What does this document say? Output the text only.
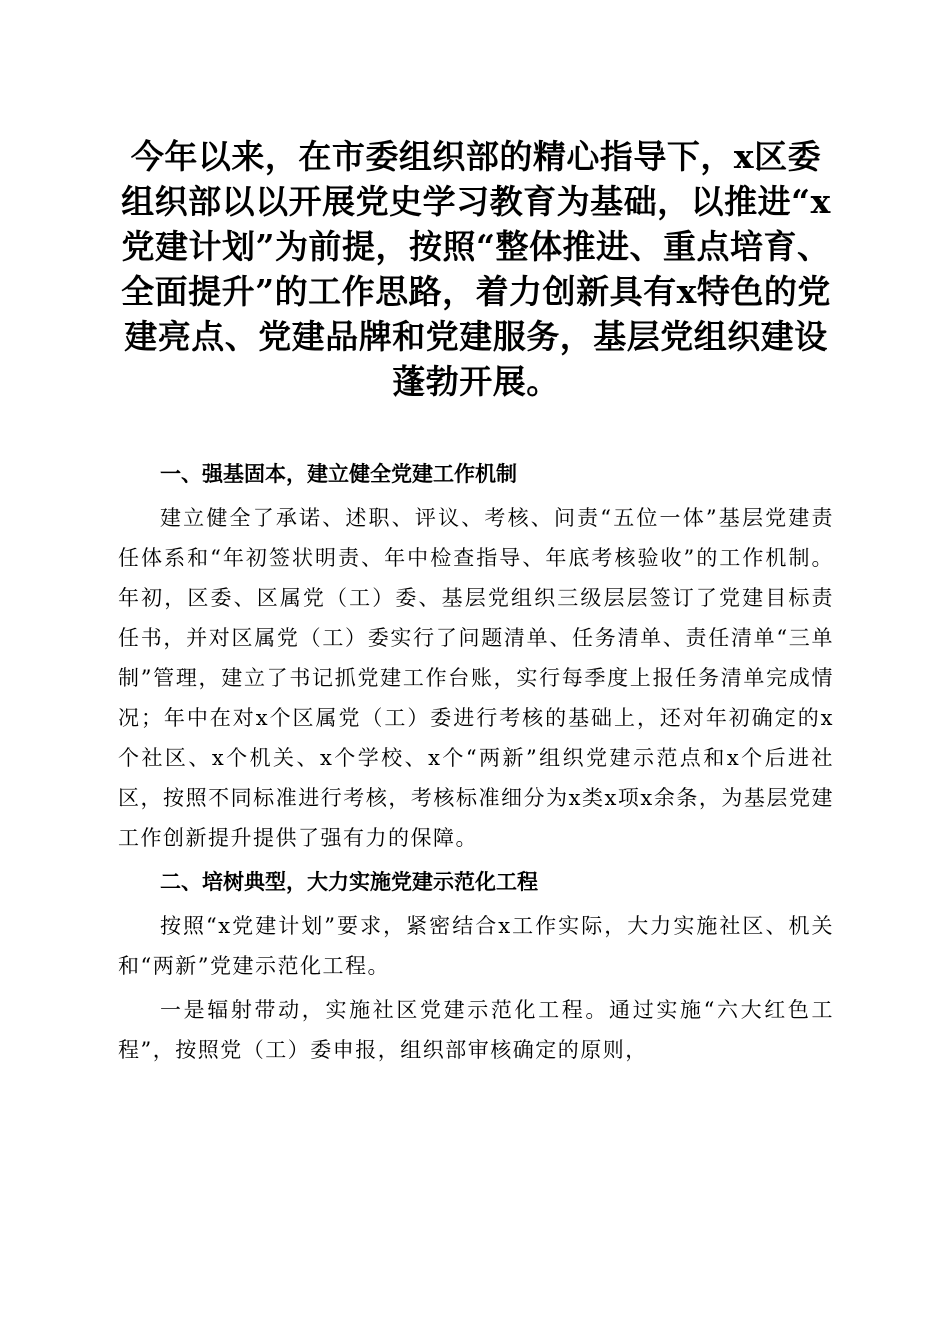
今年以来，在市委组织部的精心指导下，x区委组织部以以开展党史学习教育为基础，以推进“x党建计划”为前提，按照“整体推进、重点培育、全面提升”的工作思路，着力创新具有x特色的党建亮点、党建品牌和党建服务，基层党组织建设蓬勃开展。
一、强基固本，建立健全党建工作机制

建立健全了承诺、述职、评议、考核、问责“五位一体”基层党建责任体系和“年初签状明责、年中检查指导、年底考核验收”的工作机制。年初，区委、区属党（工）委、基层党组织三级层层签订了党建目标责任书，并对区属党（工）委实行了问题清单、任务清单、责任清单“三单制”管理，建立了书记抓党建工作台账，实行每季度上报任务清单完成情况；年中在对x个区属党（工）委进行考核的基础上，还对年初确定的x个社区、x个机关、x个学校、x个“两新”组织党建示范点和x个后进社区，按照不同标准进行考核，考核标准细分为x类x项x余条，为基层党建工作创新提升提供了强有力的保障。

二、培树典型，大力实施党建示范化工程

按照“x党建计划”要求，紧密结合x工作实际，大力实施社区、机关和“两新”党建示范化工程。

一是辐射带动，实施社区党建示范化工程。通过实施“六大红色工程”，按照党（工）委申报，组织部审核确定的原则，
